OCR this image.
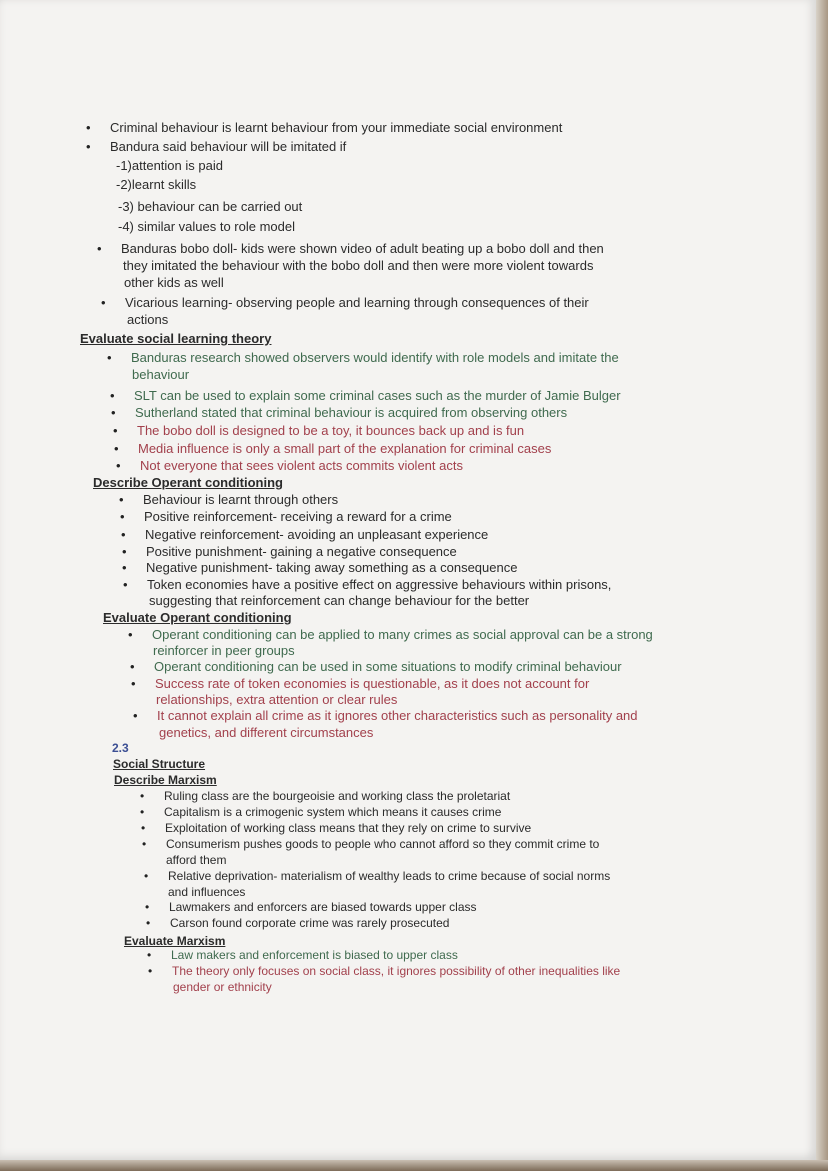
• Criminal behaviour is learnt behaviour from your immediate social environment
• Bandura said behaviour will be imitated if
-1)attention is paid
-2)learnt skills
-3) behaviour can be carried out
-4) similar values to role model
• Banduras bobo doll- kids were shown video of adult beating up a bobo doll and then
they imitated the behaviour with the bobo doll and then were more violent towards
other kids as well
• Vicarious learning- observing people and learning through consequences of their
actions
Evaluate social learning theory
• Banduras research showed observers would identify with role models and imitate the
behaviour
• SLT can be used to explain some criminal cases such as the murder of Jamie Bulger
• Sutherland stated that criminal behaviour is acquired from observing others
• The bobo doll is designed to be a toy, it bounces back up and is fun
• Media influence is only a small part of the explanation for criminal cases
• Not everyone that sees violent acts commits violent acts
Describe Operant conditioning
• Behaviour is learnt through others
• Positive reinforcement- receiving a reward for a crime
• Negative reinforcement- avoiding an unpleasant experience
• Positive punishment- gaining a negative consequence
• Negative punishment- taking away something as a consequence
• Token economies have a positive effect on aggressive behaviours within prisons,
suggesting that reinforcement can change behaviour for the better
Evaluate Operant conditioning
• Operant conditioning can be applied to many crimes as social approval can be a strong
reinforcer in peer groups
• Operant conditioning can be used in some situations to modify criminal behaviour
• Success rate of token economies is questionable, as it does not account for
relationships, extra attention or clear rules
• It cannot explain all crime as it ignores other characteristics such as personality and
genetics, and different circumstances
2.3
Social Structure
Describe Marxism
• Ruling class are the bourgeoisie and working class the proletariat
• Capitalism is a crimogenic system which means it causes crime
• Exploitation of working class means that they rely on crime to survive
• Consumerism pushes goods to people who cannot afford so they commit crime to
afford them
• Relative deprivation- materialism of wealthy leads to crime because of social norms
and influences
• Lawmakers and enforcers are biased towards upper class
• Carson found corporate crime was rarely prosecuted
Evaluate Marxism
• Law makers and enforcement is biased to upper class
• The theory only focuses on social class, it ignores possibility of other inequalities like
gender or ethnicity
